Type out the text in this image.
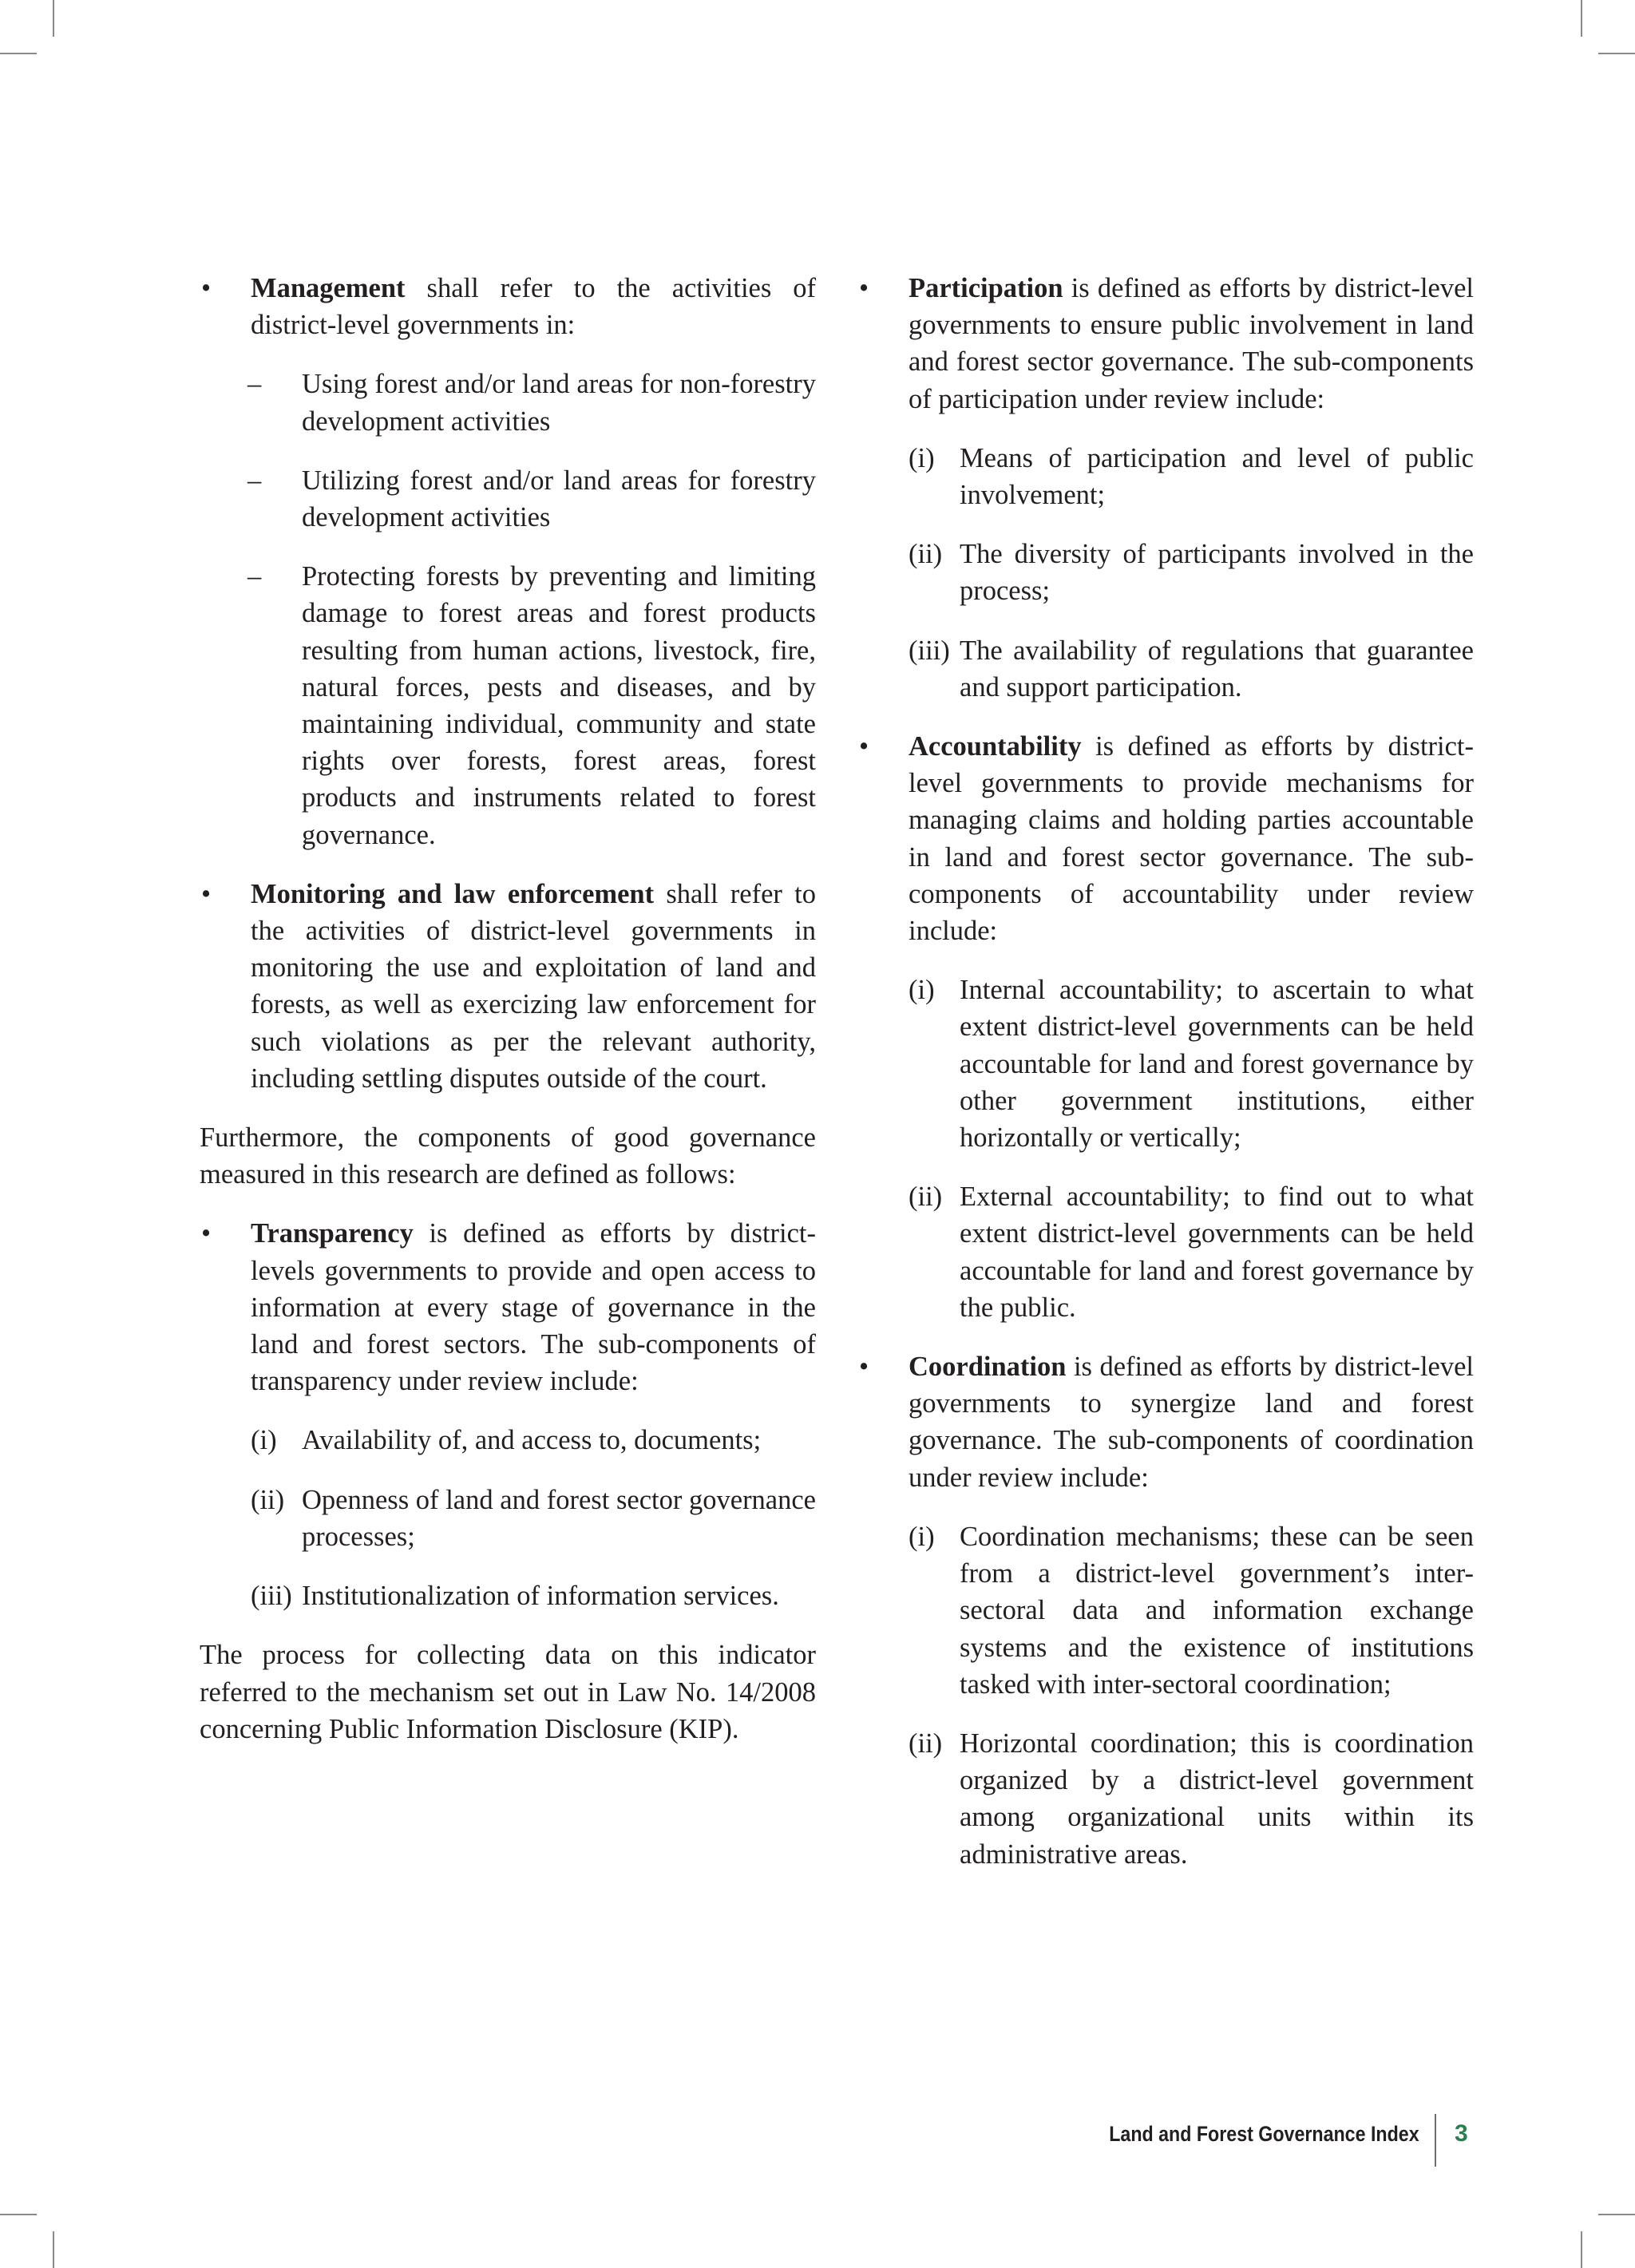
• Management shall refer to the activities of district-level governments in:
– Using forest and/or land areas for non-forestry development activities
– Utilizing forest and/or land areas for forestry development activities
– Protecting forests by preventing and limiting damage to forest areas and forest products resulting from human actions, livestock, fire, natural forces, pests and diseases, and by maintaining individual, community and state rights over forests, forest areas, forest products and instruments related to forest governance.
• Monitoring and law enforcement shall refer to the activities of district-level governments in monitoring the use and exploitation of land and forests, as well as exercizing law enforcement for such violations as per the relevant authority, including settling disputes outside of the court.

Furthermore, the components of good governance measured in this research are defined as follows:

• Transparency is defined as efforts by district-levels governments to provide and open access to information at every stage of governance in the land and forest sectors. The sub-components of transparency under review include:
(i) Availability of, and access to, documents;
(ii) Openness of land and forest sector governance processes;
(iii) Institutionalization of information services.

The process for collecting data on this indicator referred to the mechanism set out in Law No. 14/2008 concerning Public Information Disclosure (KIP).

• Participation is defined as efforts by district-level governments to ensure public involvement in land and forest sector governance. The sub-components of participation under review include:
(i) Means of participation and level of public involvement;
(ii) The diversity of participants involved in the process;
(iii) The availability of regulations that guarantee and support participation.
• Accountability is defined as efforts by district-level governments to provide mechanisms for managing claims and holding parties accountable in land and forest sector governance. The sub-components of accountability under review include:
(i) Internal accountability; to ascertain to what extent district-level governments can be held accountable for land and forest governance by other government institutions, either horizontally or vertically;
(ii) External accountability; to find out to what extent district-level governments can be held accountable for land and forest governance by the public.
• Coordination is defined as efforts by district-level governments to synergize land and forest governance. The sub-components of coordination under review include:
(i) Coordination mechanisms; these can be seen from a district-level government’s inter-sectoral data and information exchange systems and the existence of institutions tasked with inter-sectoral coordination;
(ii) Horizontal coordination; this is coordination organized by a district-level government among organizational units within its administrative areas.
Land and Forest Governance Index 3
